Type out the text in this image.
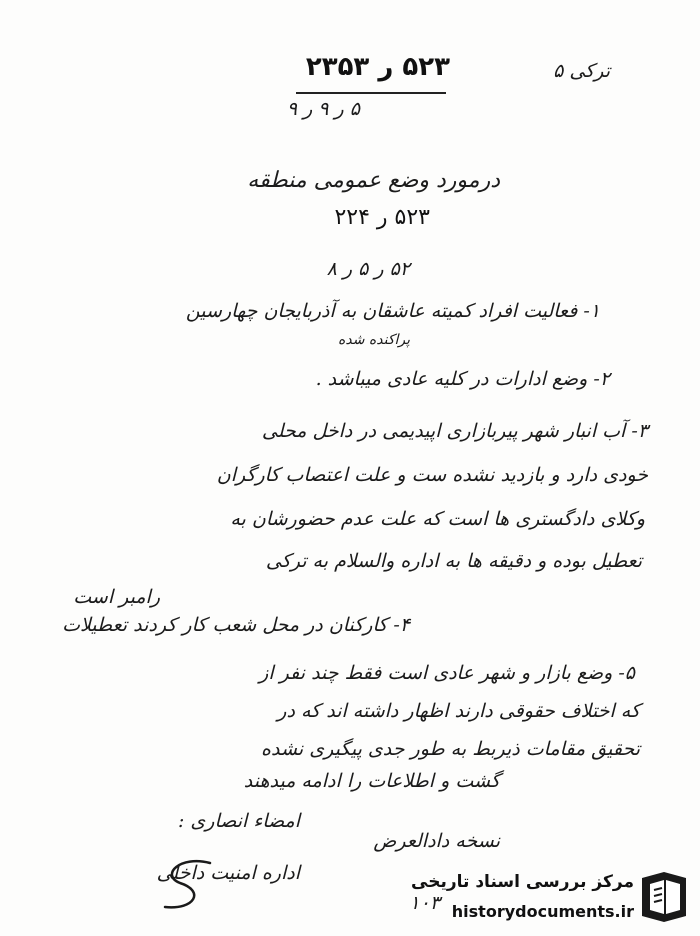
ترکی ۵
۵۲۳ ر ۲۳۵۳
۵ ر ۹ ر ۹
درمورد وضع عمومی منطقه
۵۲۳ ر ۲۲۴
۵۲ ر ۵ ر ۸
۱- فعالیت افراد کمیته عاشقان به آذربایجان چهارسین
پراکنده شده
۲- وضع ادارات در کلیه عادی میباشد .
۳- آب انبار شهر پیربازاری اپیدیمی در داخل محلی
خودی دارد و بازدید نشده ست و علت اعتصاب کارگران
وکلای دادگستری ها است که علت عدم حضورشان به
تعطیل بوده و دقیقه ها به اداره والسلام به ترکی
رامبر است
۴- کارکنان در محل شعب کار کردند تعطیلات
۵- وضع بازار و شهر عادی است فقط چند نفر از
که اختلاف حقوقی دارند اظهار داشته اند که در
تحقیق مقامات ذیربط به طور جدی پیگیری نشده
گشت و اطلاعات را ادامه میدهند
امضاء انصاری :
نسخه دادالعرض
اداره امنیت داخلی
۱۰۳
مرکز بررسی اسناد تاریخی
historydocuments.ir
